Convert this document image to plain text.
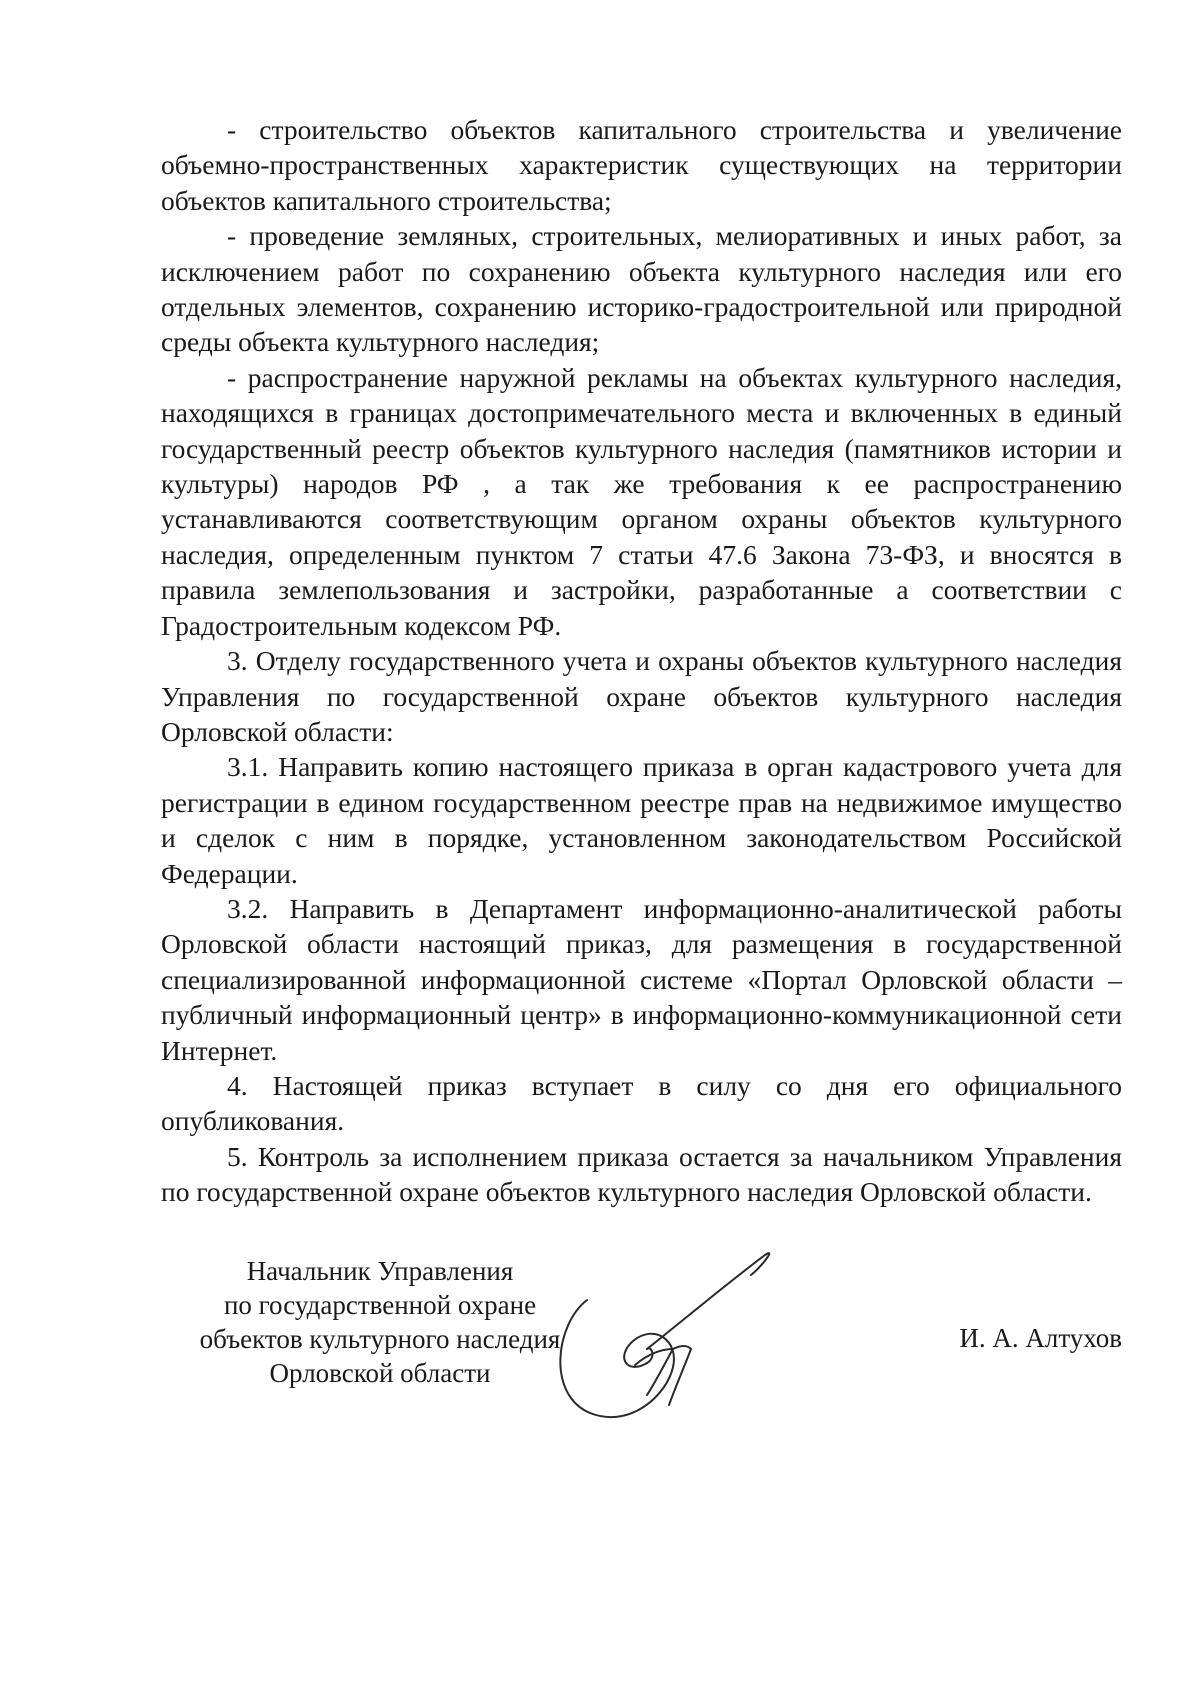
- строительство объектов капитального строительства и увеличение объемно-пространственных характеристик существующих на территории объектов капитального строительства;

- проведение земляных, строительных, мелиоративных и иных работ, за исключением работ по сохранению объекта культурного наследия или его отдельных элементов, сохранению историко-градостроительной или природной среды объекта культурного наследия;

- распространение наружной рекламы на объектах культурного наследия, находящихся в границах достопримечательного места и включенных в единый государственный реестр объектов культурного наследия (памятников истории и культуры) народов РФ , а так же требования к ее распространению устанавливаются соответствующим органом охраны объектов культурного наследия, определенным пунктом 7 статьи 47.6 Закона 73-ФЗ, и вносятся в правила землепользования и застройки, разработанные а соответствии с Градостроительным кодексом РФ.

3. Отделу государственного учета и охраны объектов культурного наследия Управления по государственной охране объектов культурного наследия Орловской области:

3.1. Направить копию настоящего приказа в орган кадастрового учета для регистрации в едином государственном реестре прав на недвижимое имущество и сделок с ним в порядке, установленном законодательством Российской Федерации.

3.2. Направить в Департамент информационно-аналитической работы Орловской области настоящий приказ, для размещения в государственной специализированной информационной системе «Портал Орловской области – публичный информационный центр» в информационно-коммуникационной сети Интернет.

4. Настоящей приказ вступает в силу со дня его официального опубликования.

5. Контроль за исполнением приказа остается за начальником Управления по государственной охране объектов культурного наследия Орловской области.

Начальник Управления
по государственной охране
объектов культурного наследия
Орловской области
И. А. Алтухов
